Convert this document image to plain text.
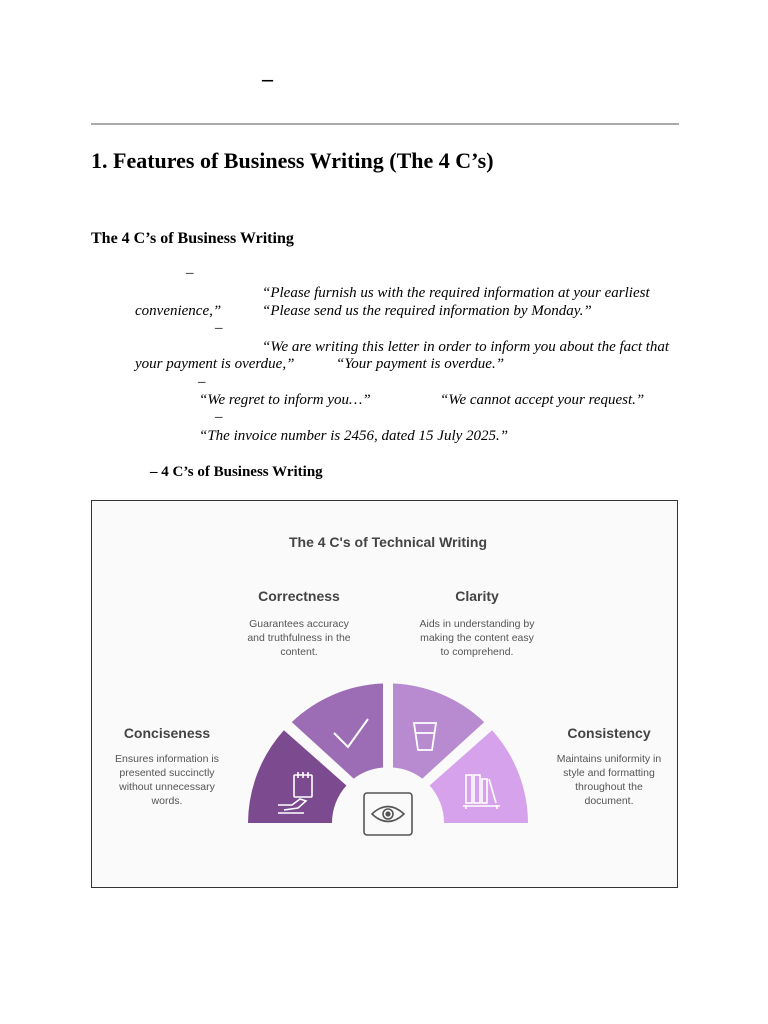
–
1. Features of Business Writing (The 4 C’s)
The 4 C’s of Business Writing
–
“Please furnish us with the required information at your earliest
convenience,”	“Please send us the required information by Monday.”
–
“We are writing this letter in order to inform you about the fact that
your payment is overdue,”	“Your payment is overdue.”
–
“We regret to inform you…”	“We cannot accept your request.”
–
“The invoice number is 2456, dated 15 July 2025.”
– 4 C’s of Business Writing
The 4 C's of Technical Writing
Correctness
Guarantees accuracy
and truthfulness in the
content.
Clarity
Aids in understanding by
making the content easy
to comprehend.
Conciseness
Ensures information is
presented succinctly
without unnecessary
words.
Consistency
Maintains uniformity in
style and formatting
throughout the
document.
